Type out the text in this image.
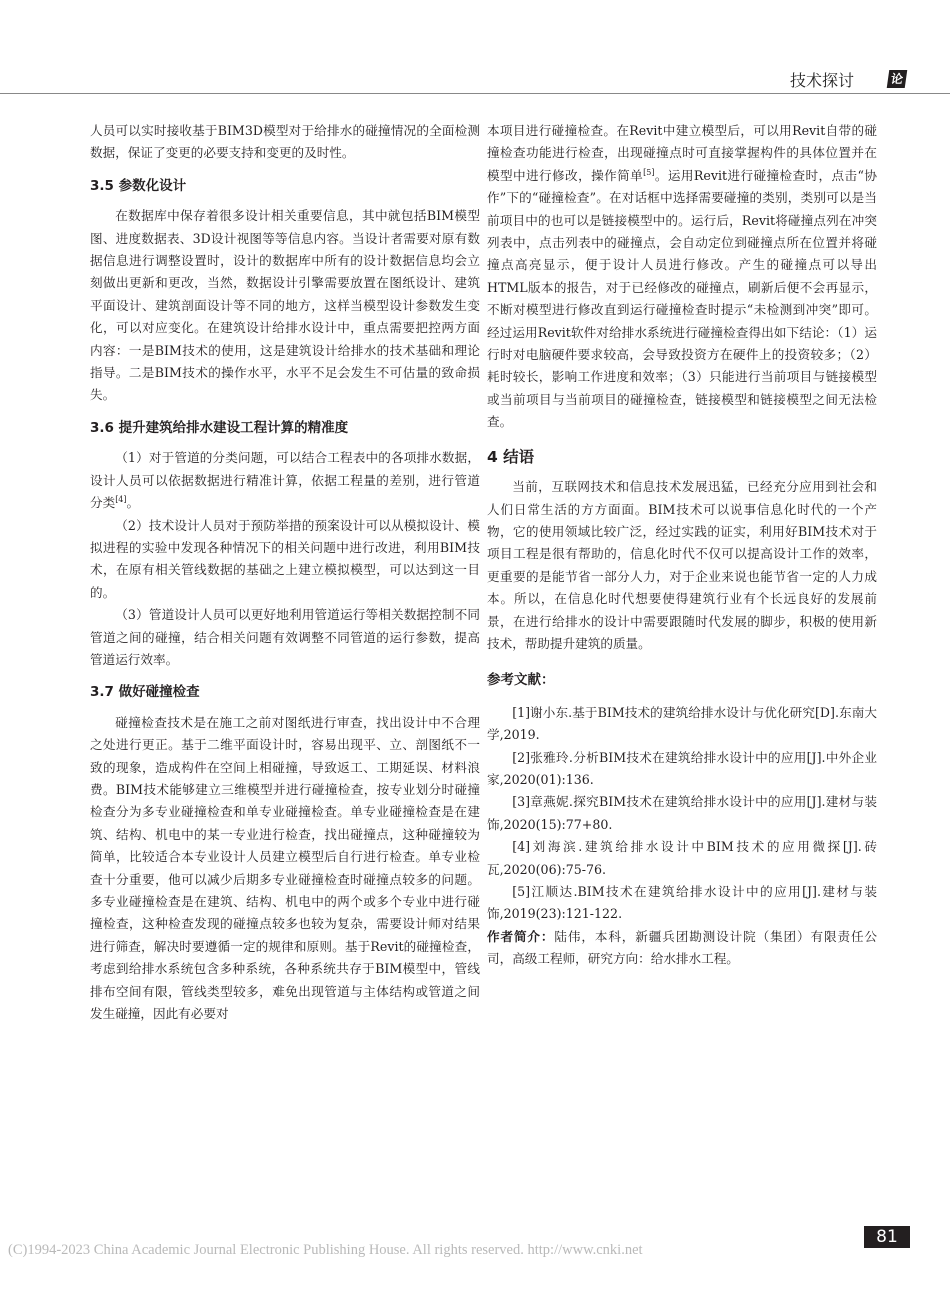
技术探讨	论

人员可以实时接收基于BIM3D模型对于给排水的碰撞情况的全面检测数据，保证了变更的必要支持和变更的及时性。

3.5 参数化设计

在数据库中保存着很多设计相关重要信息，其中就包括BIM模型图、进度数据表、3D设计视图等等信息内容。当设计者需要对原有数据信息进行调整设置时，设计的数据库中所有的设计数据信息均会立刻做出更新和更改，当然，数据设计引擎需要放置在图纸设计、建筑平面设计、建筑剖面设计等不同的地方，这样当模型设计参数发生变化，可以对应变化。在建筑设计给排水设计中，重点需要把控两方面内容：一是BIM技术的使用，这是建筑设计给排水的技术基础和理论指导。二是BIM技术的操作水平，水平不足会发生不可估量的致命损失。

3.6 提升建筑给排水建设工程计算的精准度

（1）对于管道的分类问题，可以结合工程表中的各项排水数据，设计人员可以依据数据进行精准计算，依据工程量的差别，进行管道分类[4]。

（2）技术设计人员对于预防举措的预案设计可以从模拟设计、模拟进程的实验中发现各种情况下的相关问题中进行改进，利用BIM技术，在原有相关管线数据的基础之上建立模拟模型，可以达到这一目的。

（3）管道设计人员可以更好地利用管道运行等相关数据控制不同管道之间的碰撞，结合相关问题有效调整不同管道的运行参数，提高管道运行效率。

3.7 做好碰撞检查

碰撞检查技术是在施工之前对图纸进行审查，找出设计中不合理之处进行更正。基于二维平面设计时，容易出现平、立、剖图纸不一致的现象，造成构件在空间上相碰撞，导致返工、工期延误、材料浪费。BIM技术能够建立三维模型并进行碰撞检查，按专业划分时碰撞检查分为多专业碰撞检查和单专业碰撞检查。单专业碰撞检查是在建筑、结构、机电中的某一专业进行检查，找出碰撞点，这种碰撞较为简单，比较适合本专业设计人员建立模型后自行进行检查。单专业检查十分重要，他可以减少后期多专业碰撞检查时碰撞点较多的问题。多专业碰撞检查是在建筑、结构、机电中的两个或多个专业中进行碰撞检查，这种检查发现的碰撞点较多也较为复杂，需要设计师对结果进行筛查，解决时要遵循一定的规律和原则。基于Revit的碰撞检查，考虑到给排水系统包含多种系统，各种系统共存于BIM模型中，管线排布空间有限，管线类型较多，难免出现管道与主体结构或管道之间发生碰撞，因此有必要对

本项目进行碰撞检查。在Revit中建立模型后，可以用Revit自带的碰撞检查功能进行检查，出现碰撞点时可直接掌握构件的具体位置并在模型中进行修改，操作简单[5]。运用Revit进行碰撞检查时，点击“协作”下的“碰撞检查”。在对话框中选择需要碰撞的类别，类别可以是当前项目中的也可以是链接模型中的。运行后，Revit将碰撞点列在冲突列表中，点击列表中的碰撞点，会自动定位到碰撞点所在位置并将碰撞点高亮显示，便于设计人员进行修改。产生的碰撞点可以导出HTML版本的报告，对于已经修改的碰撞点，刷新后便不会再显示，不断对模型进行修改直到运行碰撞检查时提示“未检测到冲突”即可。经过运用Revit软件对给排水系统进行碰撞检查得出如下结论：（1）运行时对电脑硬件要求较高，会导致投资方在硬件上的投资较多；（2）耗时较长，影响工作进度和效率；（3）只能进行当前项目与链接模型或当前项目与当前项目的碰撞检查，链接模型和链接模型之间无法检查。

4 结语

当前，互联网技术和信息技术发展迅猛，已经充分应用到社会和人们日常生活的方方面面。BIM技术可以说事信息化时代的一个产物，它的使用领域比较广泛，经过实践的证实，利用好BIM技术对于项目工程是很有帮助的，信息化时代不仅可以提高设计工作的效率，更重要的是能节省一部分人力，对于企业来说也能节省一定的人力成本。所以，在信息化时代想要使得建筑行业有个长远良好的发展前景，在进行给排水的设计中需要跟随时代发展的脚步，积极的使用新技术，帮助提升建筑的质量。

参考文献：

[1]谢小东.基于BIM技术的建筑给排水设计与优化研究[D].东南大学,2019.

[2]张雅玲.分析BIM技术在建筑给排水设计中的应用[J].中外企业家,2020(01):136.

[3]章燕妮.探究BIM技术在建筑给排水设计中的应用[J].建材与装饰,2020(15):77+80.

[4]刘海滨.建筑给排水设计中BIM技术的应用微探[J].砖瓦,2020(06):75-76.

[5]江顺达.BIM技术在建筑给排水设计中的应用[J].建材与装饰,2019(23):121-122.

作者简介：陆伟，本科，新疆兵团勘测设计院（集团）有限责任公司，高级工程师，研究方向：给水排水工程。

81
(C)1994-2023 China Academic Journal Electronic Publishing House. All rights reserved. http://www.cnki.net
